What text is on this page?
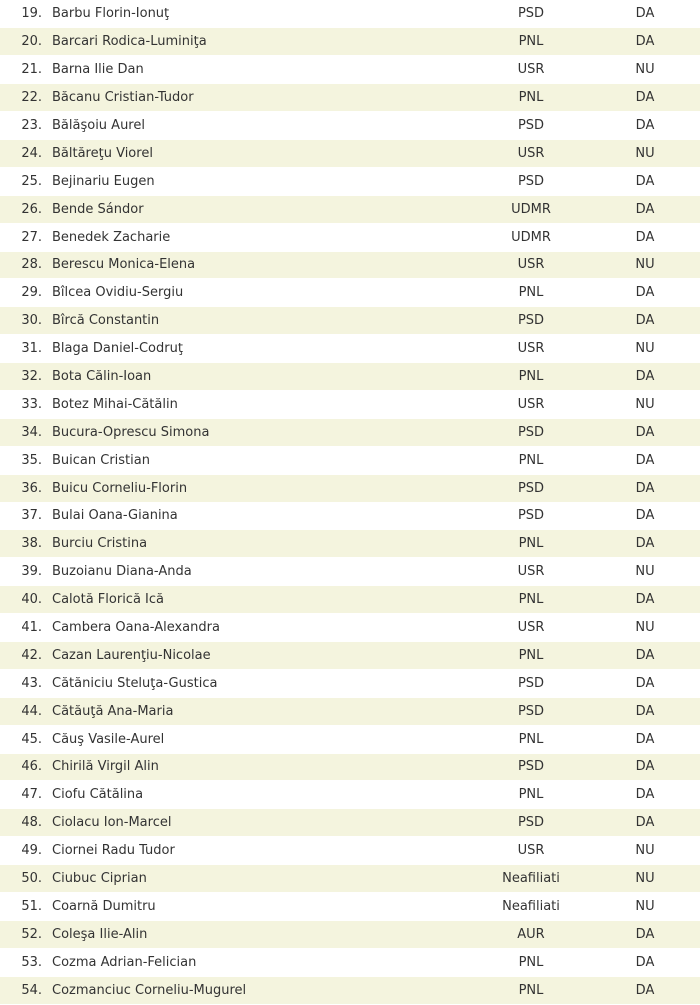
19.	Barbu Florin-Ionuţ	PSD	DA
20.	Barcari Rodica-Luminiţa	PNL	DA
21.	Barna Ilie Dan	USR	NU
22.	Băcanu Cristian-Tudor	PNL	DA
23.	Bălăşoiu Aurel	PSD	DA
24.	Băltăreţu Viorel	USR	NU
25.	Bejinariu Eugen	PSD	DA
26.	Bende Sándor	UDMR	DA
27.	Benedek Zacharie	UDMR	DA
28.	Berescu Monica-Elena	USR	NU
29.	Bîlcea Ovidiu-Sergiu	PNL	DA
30.	Bîrcă Constantin	PSD	DA
31.	Blaga Daniel-Codruţ	USR	NU
32.	Bota Călin-Ioan	PNL	DA
33.	Botez Mihai-Cătălin	USR	NU
34.	Bucura-Oprescu Simona	PSD	DA
35.	Buican Cristian	PNL	DA
36.	Buicu Corneliu-Florin	PSD	DA
37.	Bulai Oana-Gianina	PSD	DA
38.	Burciu Cristina	PNL	DA
39.	Buzoianu Diana-Anda	USR	NU
40.	Calotă Florică Ică	PNL	DA
41.	Cambera Oana-Alexandra	USR	NU
42.	Cazan Laurenţiu-Nicolae	PNL	DA
43.	Cătăniciu Steluţa-Gustica	PSD	DA
44.	Cătăuţă Ana-Maria	PSD	DA
45.	Căuş Vasile-Aurel	PNL	DA
46.	Chirilă Virgil Alin	PSD	DA
47.	Ciofu Cătălina	PNL	DA
48.	Ciolacu Ion-Marcel	PSD	DA
49.	Ciornei Radu Tudor	USR	NU
50.	Ciubuc Ciprian	Neafiliati	NU
51.	Coarnă Dumitru	Neafiliati	NU
52.	Coleşa Ilie-Alin	AUR	DA
53.	Cozma Adrian-Felician	PNL	DA
54.	Cozmanciuc Corneliu-Mugurel	PNL	DA
